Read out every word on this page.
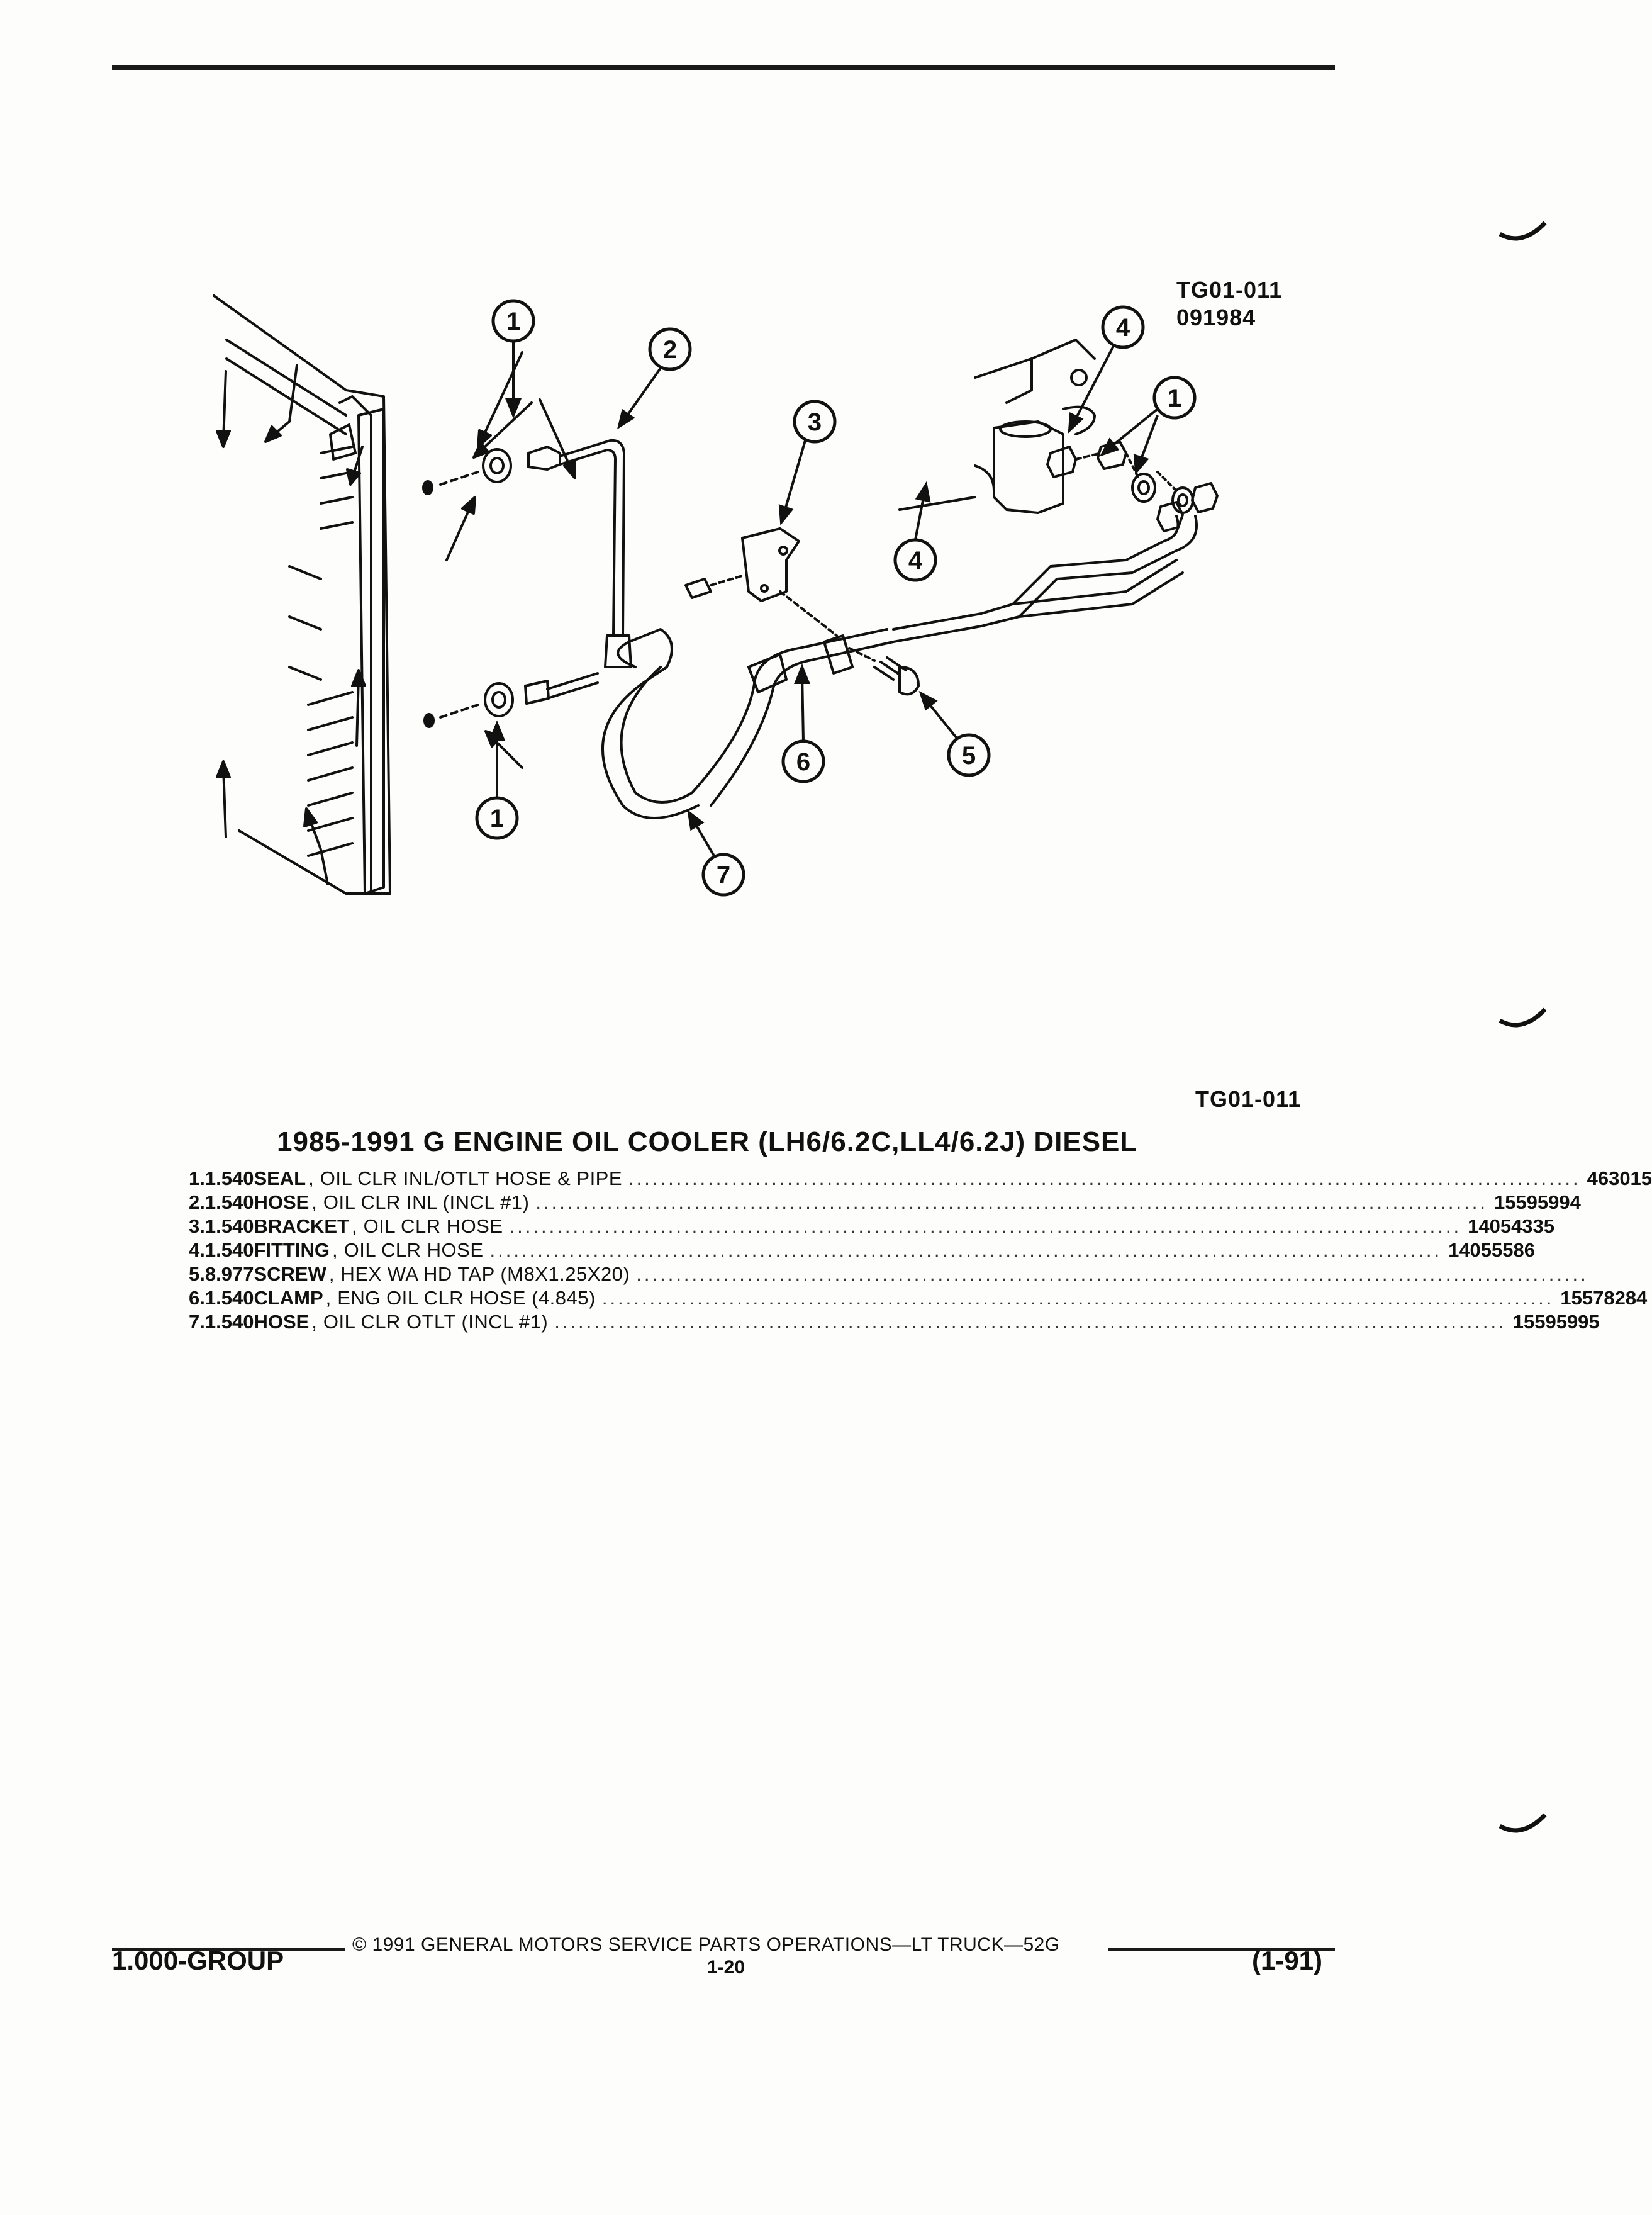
TG01-011
091984
1
2
3
4
1
4
1
6	5
7
TG01-011
1985-1991 G ENGINE OIL COOLER (LH6/6.2C,LL4/6.2J) DIESEL
1. 1.540 SEAL , OIL CLR INL/OTLT HOSE & PIPE ........................................................................................................................ 463015
2. 1.540 HOSE , OIL CLR INL (INCL #1) ........................................................................................................................ 15595994
3. 1.540 BRACKET , OIL CLR HOSE ........................................................................................................................ 14054335
4. 1.540 FITTING , OIL CLR HOSE ........................................................................................................................ 14055586
5. 8.977 SCREW , HEX WA HD TAP (M8X1.25X20) ........................................................................................................................
6. 1.540 CLAMP , ENG OIL CLR HOSE (4.845) ........................................................................................................................ 15578284
7. 1.540 HOSE , OIL CLR OTLT (INCL #1) ........................................................................................................................ 15595995
© 1991 GENERAL MOTORS SERVICE PARTS OPERATIONS—LT TRUCK—52G
1.000-GROUP	1-20	(1-91)
